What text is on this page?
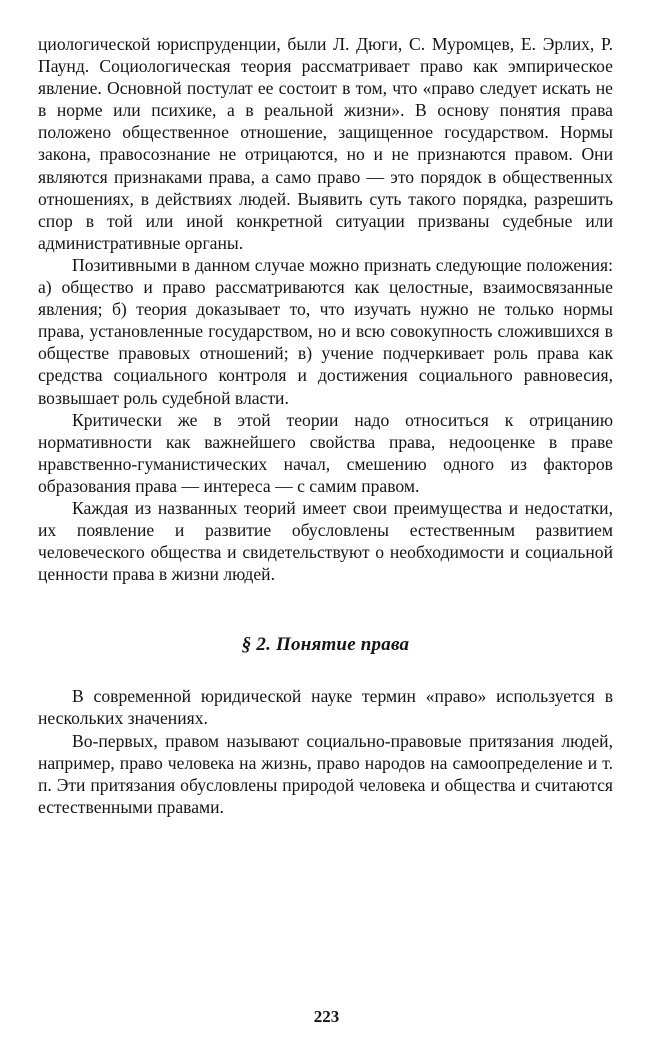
циологической юриспруденции, были Л. Дюги, С. Муромцев, Е. Эрлих, Р. Паунд. Социологическая теория рассматривает право как эмпирическое явление. Основной постулат ее состоит в том, что «право следует искать не в норме или психике, а в реальной жизни». В основу понятия права положено общественное отношение, защищенное государством. Нормы закона, правосознание не отрицаются, но и не признаются правом. Они являются признаками права, а само право — это порядок в общественных отношениях, в действиях людей. Выявить суть такого порядка, разрешить спор в той или иной конкретной ситуации призваны судебные или административные органы.

Позитивными в данном случае можно признать следующие положения: а) общество и право рассматриваются как целостные, взаимосвязанные явления; б) теория доказывает то, что изучать нужно не только нормы права, установленные государством, но и всю совокупность сложившихся в обществе правовых отношений; в) учение подчеркивает роль права как средства социального контроля и достижения социального равновесия, возвышает роль судебной власти.

Критически же в этой теории надо относиться к отрицанию нормативности как важнейшего свойства права, недооценке в праве нравственно-гуманистических начал, смешению одного из факторов образования права — интереса — с самим правом.

Каждая из названных теорий имеет свои преимущества и недостатки, их появление и развитие обусловлены естественным развитием человеческого общества и свидетельствуют о необходимости и социальной ценности права в жизни людей.

§ 2. Понятие права

В современной юридической науке термин «право» используется в нескольких значениях.

Во-первых, правом называют социально-правовые притязания людей, например, право человека на жизнь, право народов на самоопределение и т. п. Эти притязания обусловлены природой человека и общества и считаются естественными правами.

223
